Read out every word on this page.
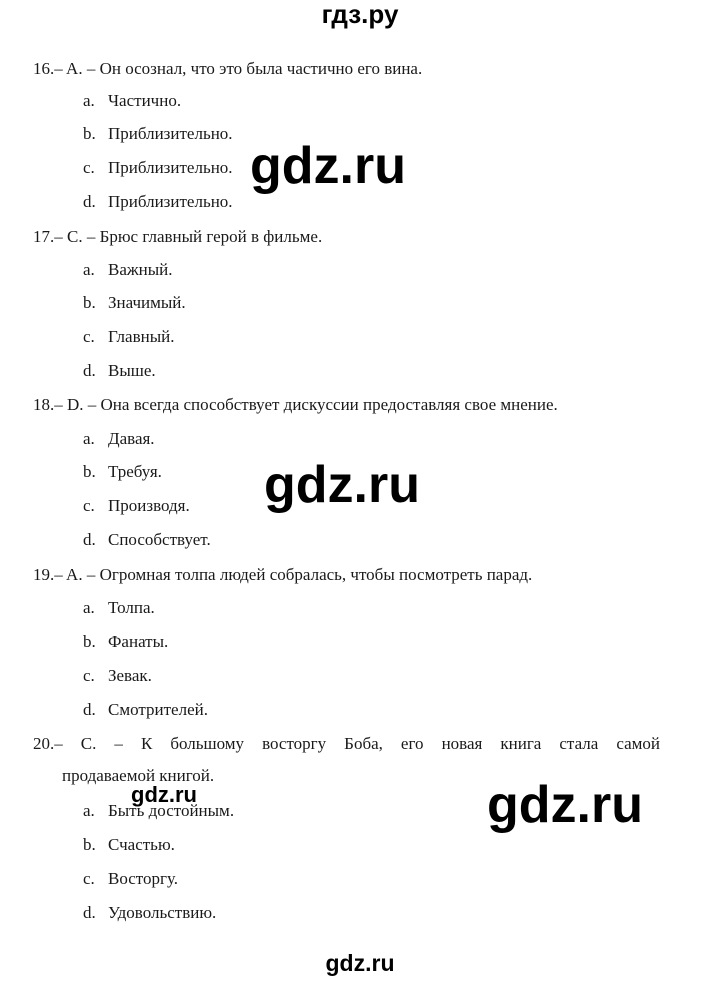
гдз.ру
16.– A. – Он осознал, что это была частично его вина.
a. Частично.
b. Приблизительно.
c. Приблизительно.
d. Приблизительно.
17.– C. – Брюс главный герой в фильме.
a. Важный.
b. Значимый.
c. Главный.
d. Выше.
18.– D. – Она всегда способствует дискуссии предоставляя свое мнение.
a. Давая.
b. Требуя.
c. Производя.
d. Способствует.
19.– A. – Огромная толпа людей собралась, чтобы посмотреть парад.
a. Толпа.
b. Фанаты.
c. Зевак.
d. Смотрителей.
20.– C. – К большому восторгу Боба, его новая книга стала самой
продаваемой книгой.
a. Быть достойным.
b. Счастью.
c. Восторгу.
d. Удовольствию.
gdz.ru
gdz.ru
gdz.ru	gdz.ru
gdz.ru
